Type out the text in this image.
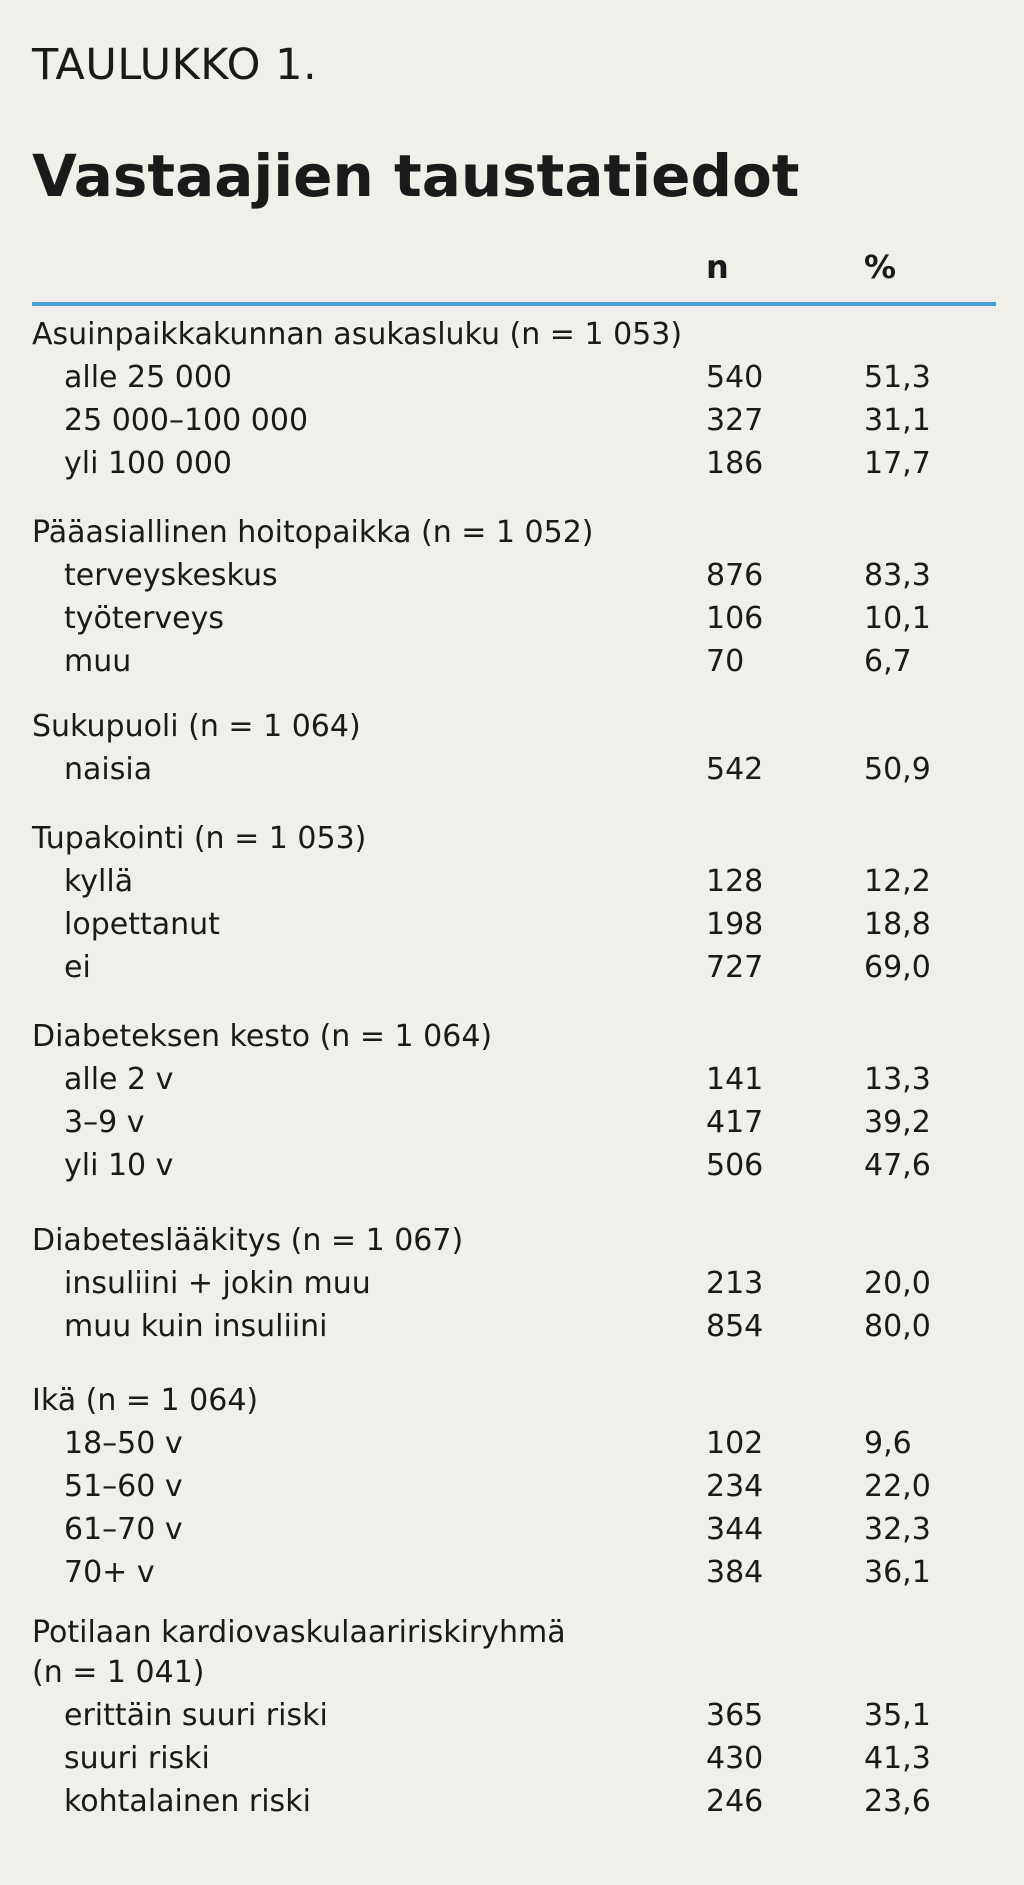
TAULUKKO 1.
Vastaajien taustatiedot
n	%
Asuinpaikkakunnan asukasluku (n = 1 053)
alle 25 000	540	51,3
25 000–100 000	327	31,1
yli 100 000	186	17,7
Pääasiallinen hoitopaikka (n = 1 052)
terveyskeskus	876	83,3
työterveys	106	10,1
muu	70	6,7
Sukupuoli (n = 1 064)
naisia	542	50,9
Tupakointi (n = 1 053)
kyllä	128	12,2
lopettanut	198	18,8
ei	727	69,0
Diabeteksen kesto (n = 1 064)
alle 2 v	141	13,3
3–9 v	417	39,2
yli 10 v	506	47,6
Diabeteslääkitys (n = 1 067)
insuliini + jokin muu	213	20,0
muu kuin insuliini	854	80,0
Ikä (n = 1 064)
18–50 v	102	9,6
51–60 v	234	22,0
61–70 v	344	32,3
70+ v	384	36,1
Potilaan kardiovaskulaaririskiryhmä
(n = 1 041)
erittäin suuri riski	365	35,1
suuri riski	430	41,3
kohtalainen riski	246	23,6
